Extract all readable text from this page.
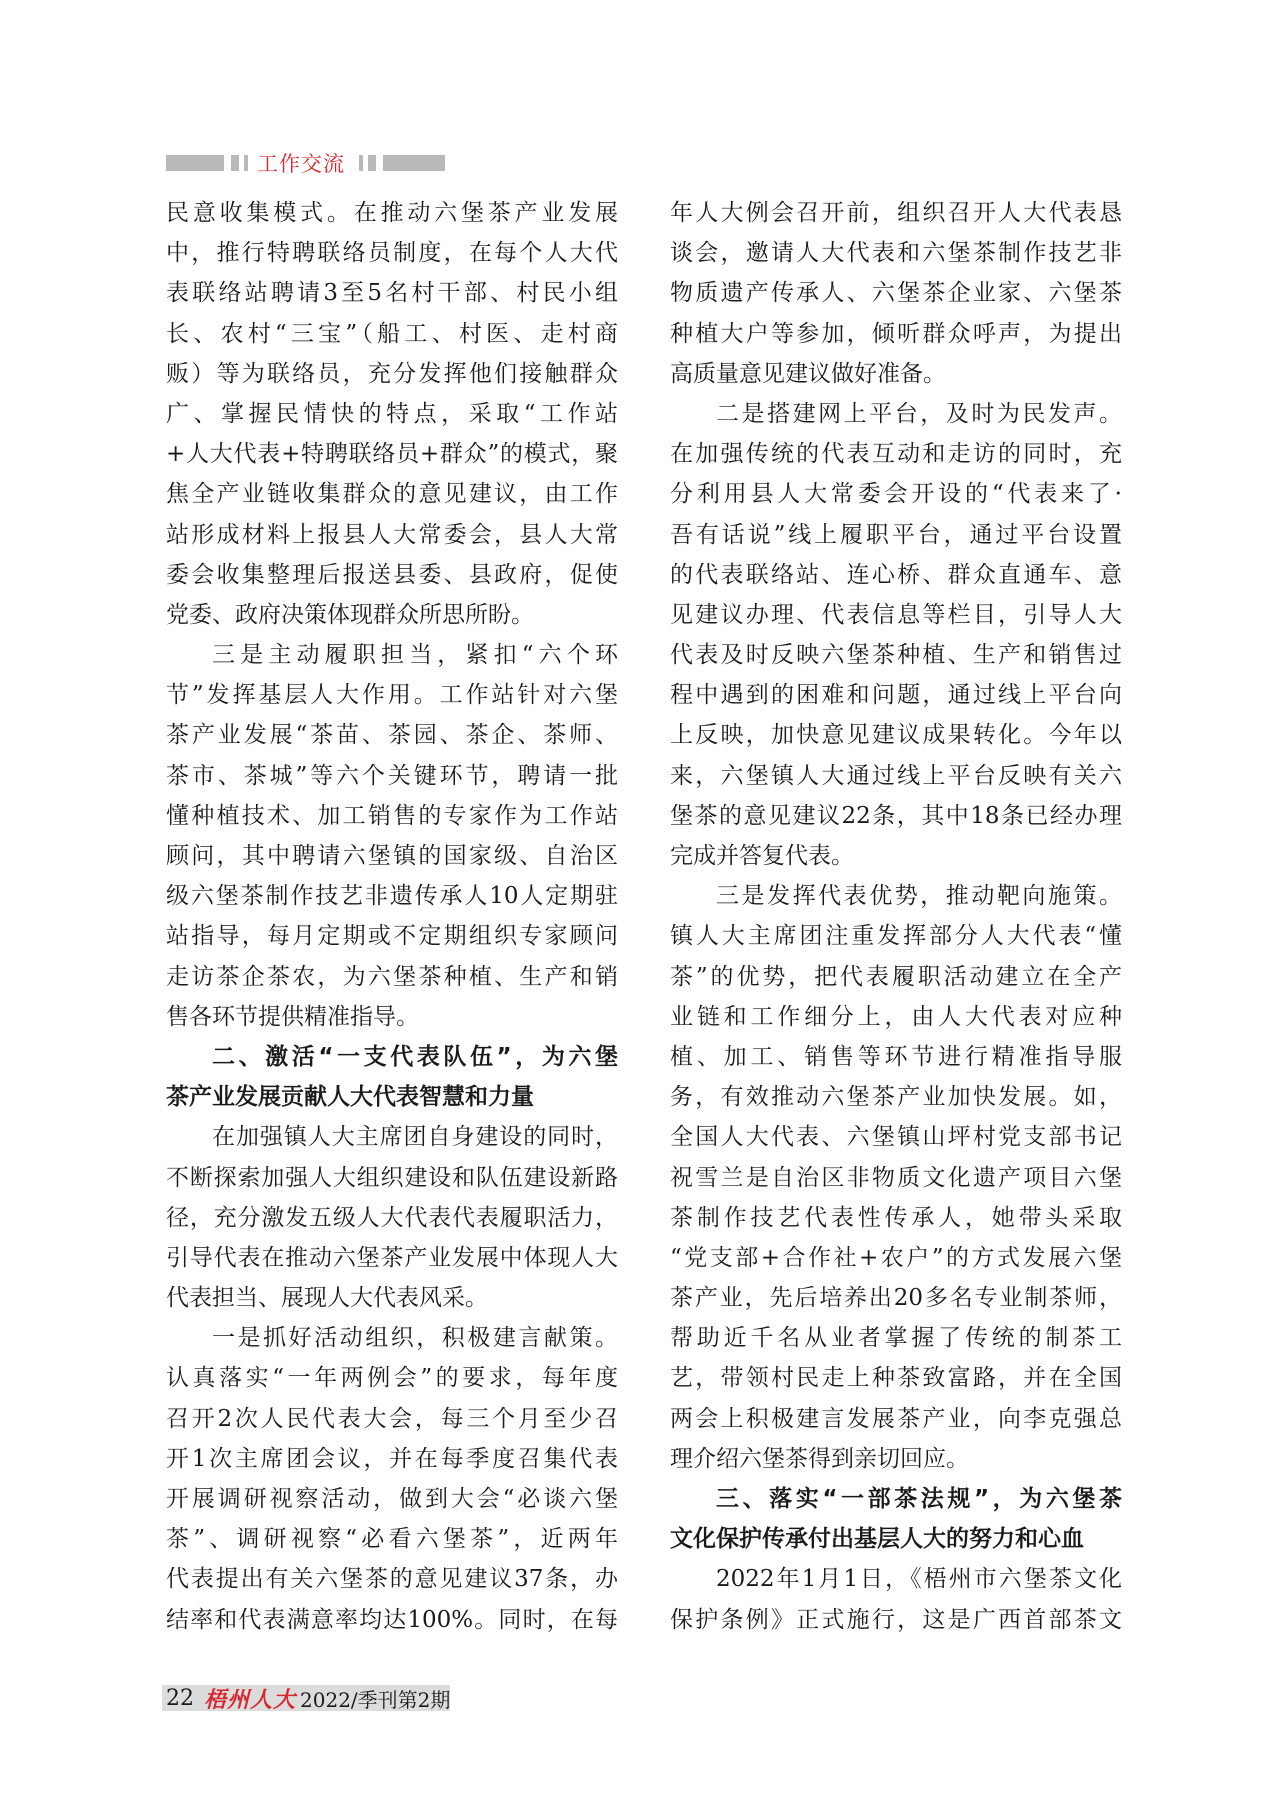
工作交流
民意收集模式。在推动六堡茶产业发展
中，推行特聘联络员制度，在每个人大代
表联络站聘请3至5名村干部、村民小组
长、农村“三宝”（船工、村医、走村商
贩）等为联络员，充分发挥他们接触群众
广、掌握民情快的特点，采取“工作站
+人大代表+特聘联络员+群众”的模式，聚
焦全产业链收集群众的意见建议，由工作
站形成材料上报县人大常委会，县人大常
委会收集整理后报送县委、县政府，促使
党委、政府决策体现群众所思所盼。
三是主动履职担当，紧扣“六个环
节”发挥基层人大作用。工作站针对六堡
茶产业发展“茶苗、茶园、茶企、茶师、
茶市、茶城”等六个关键环节，聘请一批
懂种植技术、加工销售的专家作为工作站
顾问，其中聘请六堡镇的国家级、自治区
级六堡茶制作技艺非遗传承人10人定期驻
站指导，每月定期或不定期组织专家顾问
走访茶企茶农，为六堡茶种植、生产和销
售各环节提供精准指导。
二、激活“一支代表队伍”，为六堡
茶产业发展贡献人大代表智慧和力量
在加强镇人大主席团自身建设的同时，
不断探索加强人大组织建设和队伍建设新路
径，充分激发五级人大代表代表履职活力，
引导代表在推动六堡茶产业发展中体现人大
代表担当、展现人大代表风采。
一是抓好活动组织，积极建言献策。
认真落实“一年两例会”的要求，每年度
召开2次人民代表大会，每三个月至少召
开1次主席团会议，并在每季度召集代表
开展调研视察活动，做到大会“必谈六堡
茶”、调研视察“必看六堡茶”，近两年
代表提出有关六堡茶的意见建议37条，办
结率和代表满意率均达100%。同时，在每
年人大例会召开前，组织召开人大代表恳
谈会，邀请人大代表和六堡茶制作技艺非
物质遗产传承人、六堡茶企业家、六堡茶
种植大户等参加，倾听群众呼声，为提出
高质量意见建议做好准备。
二是搭建网上平台，及时为民发声。
在加强传统的代表互动和走访的同时，充
分利用县人大常委会开设的“代表来了·
吾有话说”线上履职平台，通过平台设置
的代表联络站、连心桥、群众直通车、意
见建议办理、代表信息等栏目，引导人大
代表及时反映六堡茶种植、生产和销售过
程中遇到的困难和问题，通过线上平台向
上反映，加快意见建议成果转化。今年以
来，六堡镇人大通过线上平台反映有关六
堡茶的意见建议22条，其中18条已经办理
完成并答复代表。
三是发挥代表优势，推动靶向施策。
镇人大主席团注重发挥部分人大代表“懂
茶”的优势，把代表履职活动建立在全产
业链和工作细分上，由人大代表对应种
植、加工、销售等环节进行精准指导服
务，有效推动六堡茶产业加快发展。如，
全国人大代表、六堡镇山坪村党支部书记
祝雪兰是自治区非物质文化遗产项目六堡
茶制作技艺代表性传承人，她带头采取
“党支部+合作社+农户”的方式发展六堡
茶产业，先后培养出20多名专业制茶师，
帮助近千名从业者掌握了传统的制茶工
艺，带领村民走上种茶致富路，并在全国
两会上积极建言发展茶产业，向李克强总
理介绍六堡茶得到亲切回应。
三、落实“一部茶法规”，为六堡茶
文化保护传承付出基层人大的努力和心血
2022年1月1日，《梧州市六堡茶文化
保护条例》正式施行，这是广西首部茶文
22 梧州人大 2022/季刊第2期
